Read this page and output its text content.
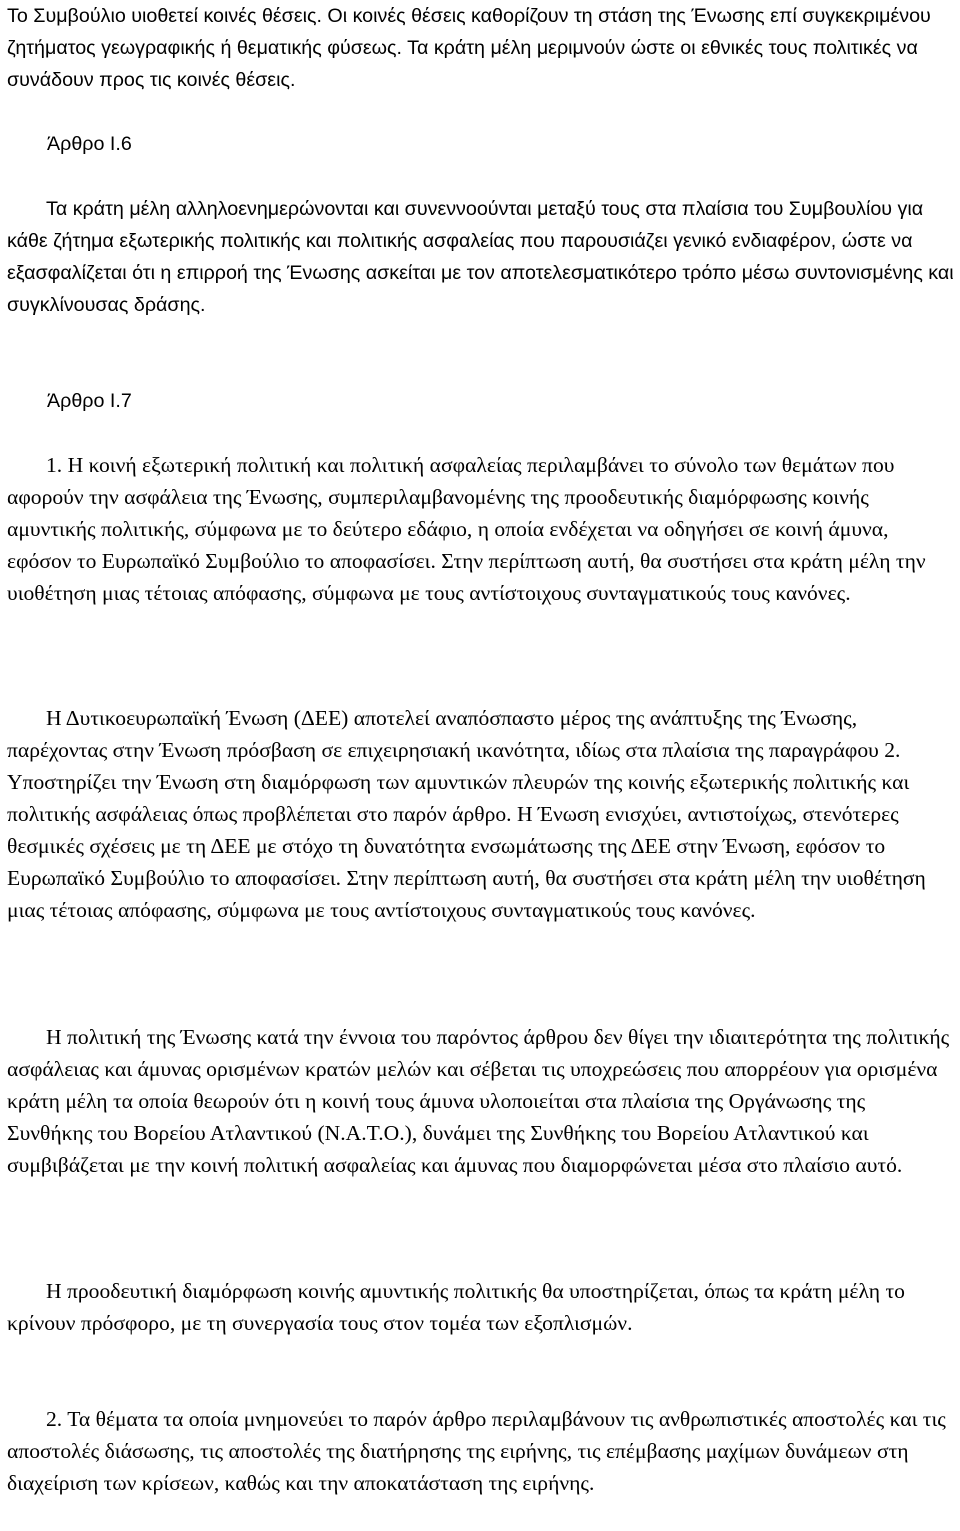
Το Συμβούλιο υιοθετεί κοινές θέσεις. Οι κοινές θέσεις καθορίζουν τη στάση της Ένωσης επί συγκεκριμένου ζητήματος γεωγραφικής ή θεματικής φύσεως. Τα κράτη μέλη μεριμνούν ώστε οι εθνικές τους πολιτικές να συνάδουν προς τις κοινές θέσεις.

Άρθρο Ι.6

Τα κράτη μέλη αλληλοενημερώνονται και συνεννοούνται μεταξύ τους στα πλαίσια του Συμβουλίου για κάθε ζήτημα εξωτερικής πολιτικής και πολιτικής ασφαλείας που παρουσιάζει γενικό ενδιαφέρον, ώστε να εξασφαλίζεται ότι η επιρροή της Ένωσης ασκείται με τον αποτελεσματικότερο τρόπο μέσω συντονισμένης και συγκλίνουσας δράσης.

Άρθρο Ι.7

1. Η κοινή εξωτερική πολιτική και πολιτική ασφαλείας περιλαμβάνει το σύνολο των θεμάτων που αφορούν την ασφάλεια της Ένωσης, συμπεριλαμβανομένης της προοδευτικής διαμόρφωσης κοινής αμυντικής πολιτικής, σύμφωνα με το δεύτερο εδάφιο, η οποία ενδέχεται να οδηγήσει σε κοινή άμυνα, εφόσον το Ευρωπαϊκό Συμβούλιο το αποφασίσει. Στην περίπτωση αυτή, θα συστήσει στα κράτη μέλη την υιοθέτηση μιας τέτοιας απόφασης, σύμφωνα με τους αντίστοιχους συνταγματικούς τους κανόνες.

Η Δυτικοευρωπαϊκή Ένωση (ΔΕΕ) αποτελεί αναπόσπαστο μέρος της ανάπτυξης της Ένωσης, παρέχοντας στην Ένωση πρόσβαση σε επιχειρησιακή ικανότητα, ιδίως στα πλαίσια της παραγράφου 2. Υποστηρίζει την Ένωση στη διαμόρφωση των αμυντικών πλευρών της κοινής εξωτερικής πολιτικής και πολιτικής ασφάλειας όπως προβλέπεται στο παρόν άρθρο. Η Ένωση ενισχύει, αντιστοίχως, στενότερες θεσμικές σχέσεις με τη ΔΕΕ με στόχο τη δυνατότητα ενσωμάτωσης της ΔΕΕ στην Ένωση, εφόσον το Ευρωπαϊκό Συμβούλιο το αποφασίσει. Στην περίπτωση αυτή, θα συστήσει στα κράτη μέλη την υιοθέτηση μιας τέτοιας απόφασης, σύμφωνα με τους αντίστοιχους συνταγματικούς τους κανόνες.

Η πολιτική της Ένωσης κατά την έννοια του παρόντος άρθρου δεν θίγει την ιδιαιτερότητα της πολιτικής ασφάλειας και άμυνας ορισμένων κρατών μελών και σέβεται τις υποχρεώσεις που απορρέουν για ορισμένα κράτη μέλη τα οποία θεωρούν ότι η κοινή τους άμυνα υλοποιείται στα πλαίσια της Οργάνωσης της Συνθήκης του Βορείου Ατλαντικού (Ν.Α.Τ.Ο.), δυνάμει της Συνθήκης του Βορείου Ατλαντικού και συμβιβάζεται με την κοινή πολιτική ασφαλείας και άμυνας που διαμορφώνεται μέσα στο πλαίσιο αυτό.

Η προοδευτική διαμόρφωση κοινής αμυντικής πολιτικής θα υποστηρίζεται, όπως τα κράτη μέλη το κρίνουν πρόσφορο, με τη συνεργασία τους στον τομέα των εξοπλισμών.

2. Τα θέματα τα οποία μνημονεύει το παρόν άρθρο περιλαμβάνουν τις ανθρωπιστικές αποστολές και τις αποστολές διάσωσης, τις αποστολές της διατήρησης της ειρήνης, τις επέμβασης μαχίμων δυνάμεων στη διαχείριση των κρίσεων, καθώς και την αποκατάσταση της ειρήνης.
